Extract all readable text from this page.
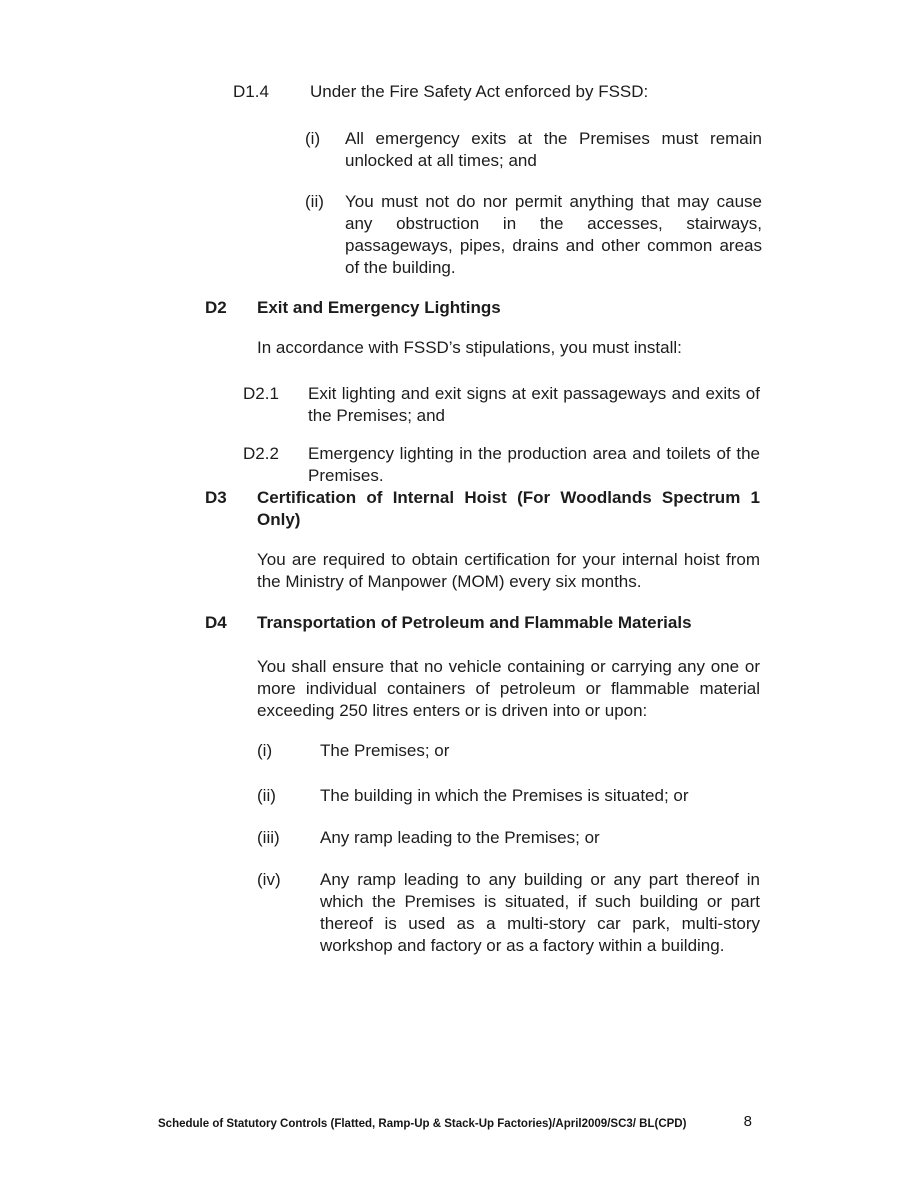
D1.4	Under the Fire Safety Act enforced by FSSD:
(i)	All emergency exits at the Premises must remain
unlocked at all times; and
(ii)	You must not do nor permit anything that may cause
any obstruction in the accesses, stairways,
passageways, pipes, drains and other common areas
of the building.
D2	Exit and Emergency Lightings
In accordance with FSSD’s stipulations, you must install:
D2.1	Exit lighting and exit signs at exit passageways and exits of
the Premises; and
D2.2	Emergency lighting in the production area and toilets of the
Premises.
D3	Certification of Internal Hoist (For Woodlands Spectrum 1
Only)
You are required to obtain certification for your internal hoist from
the Ministry of Manpower (MOM) every six months.
D4	Transportation of Petroleum and Flammable Materials
You shall ensure that no vehicle containing or carrying any one or
more individual containers of petroleum or flammable material
exceeding 250 litres enters or is driven into or upon:
(i)	The Premises; or
(ii)	The building in which the Premises is situated; or
(iii)	Any ramp leading to the Premises; or
(iv)	Any ramp leading to any building or any part thereof in
which the Premises is situated, if such building or part
thereof is used as a multi-story car park, multi-story
workshop and factory or as a factory within a building.
Schedule of Statutory Controls (Flatted, Ramp-Up & Stack-Up Factories)/April2009/SC3/ BL(CPD)	8
